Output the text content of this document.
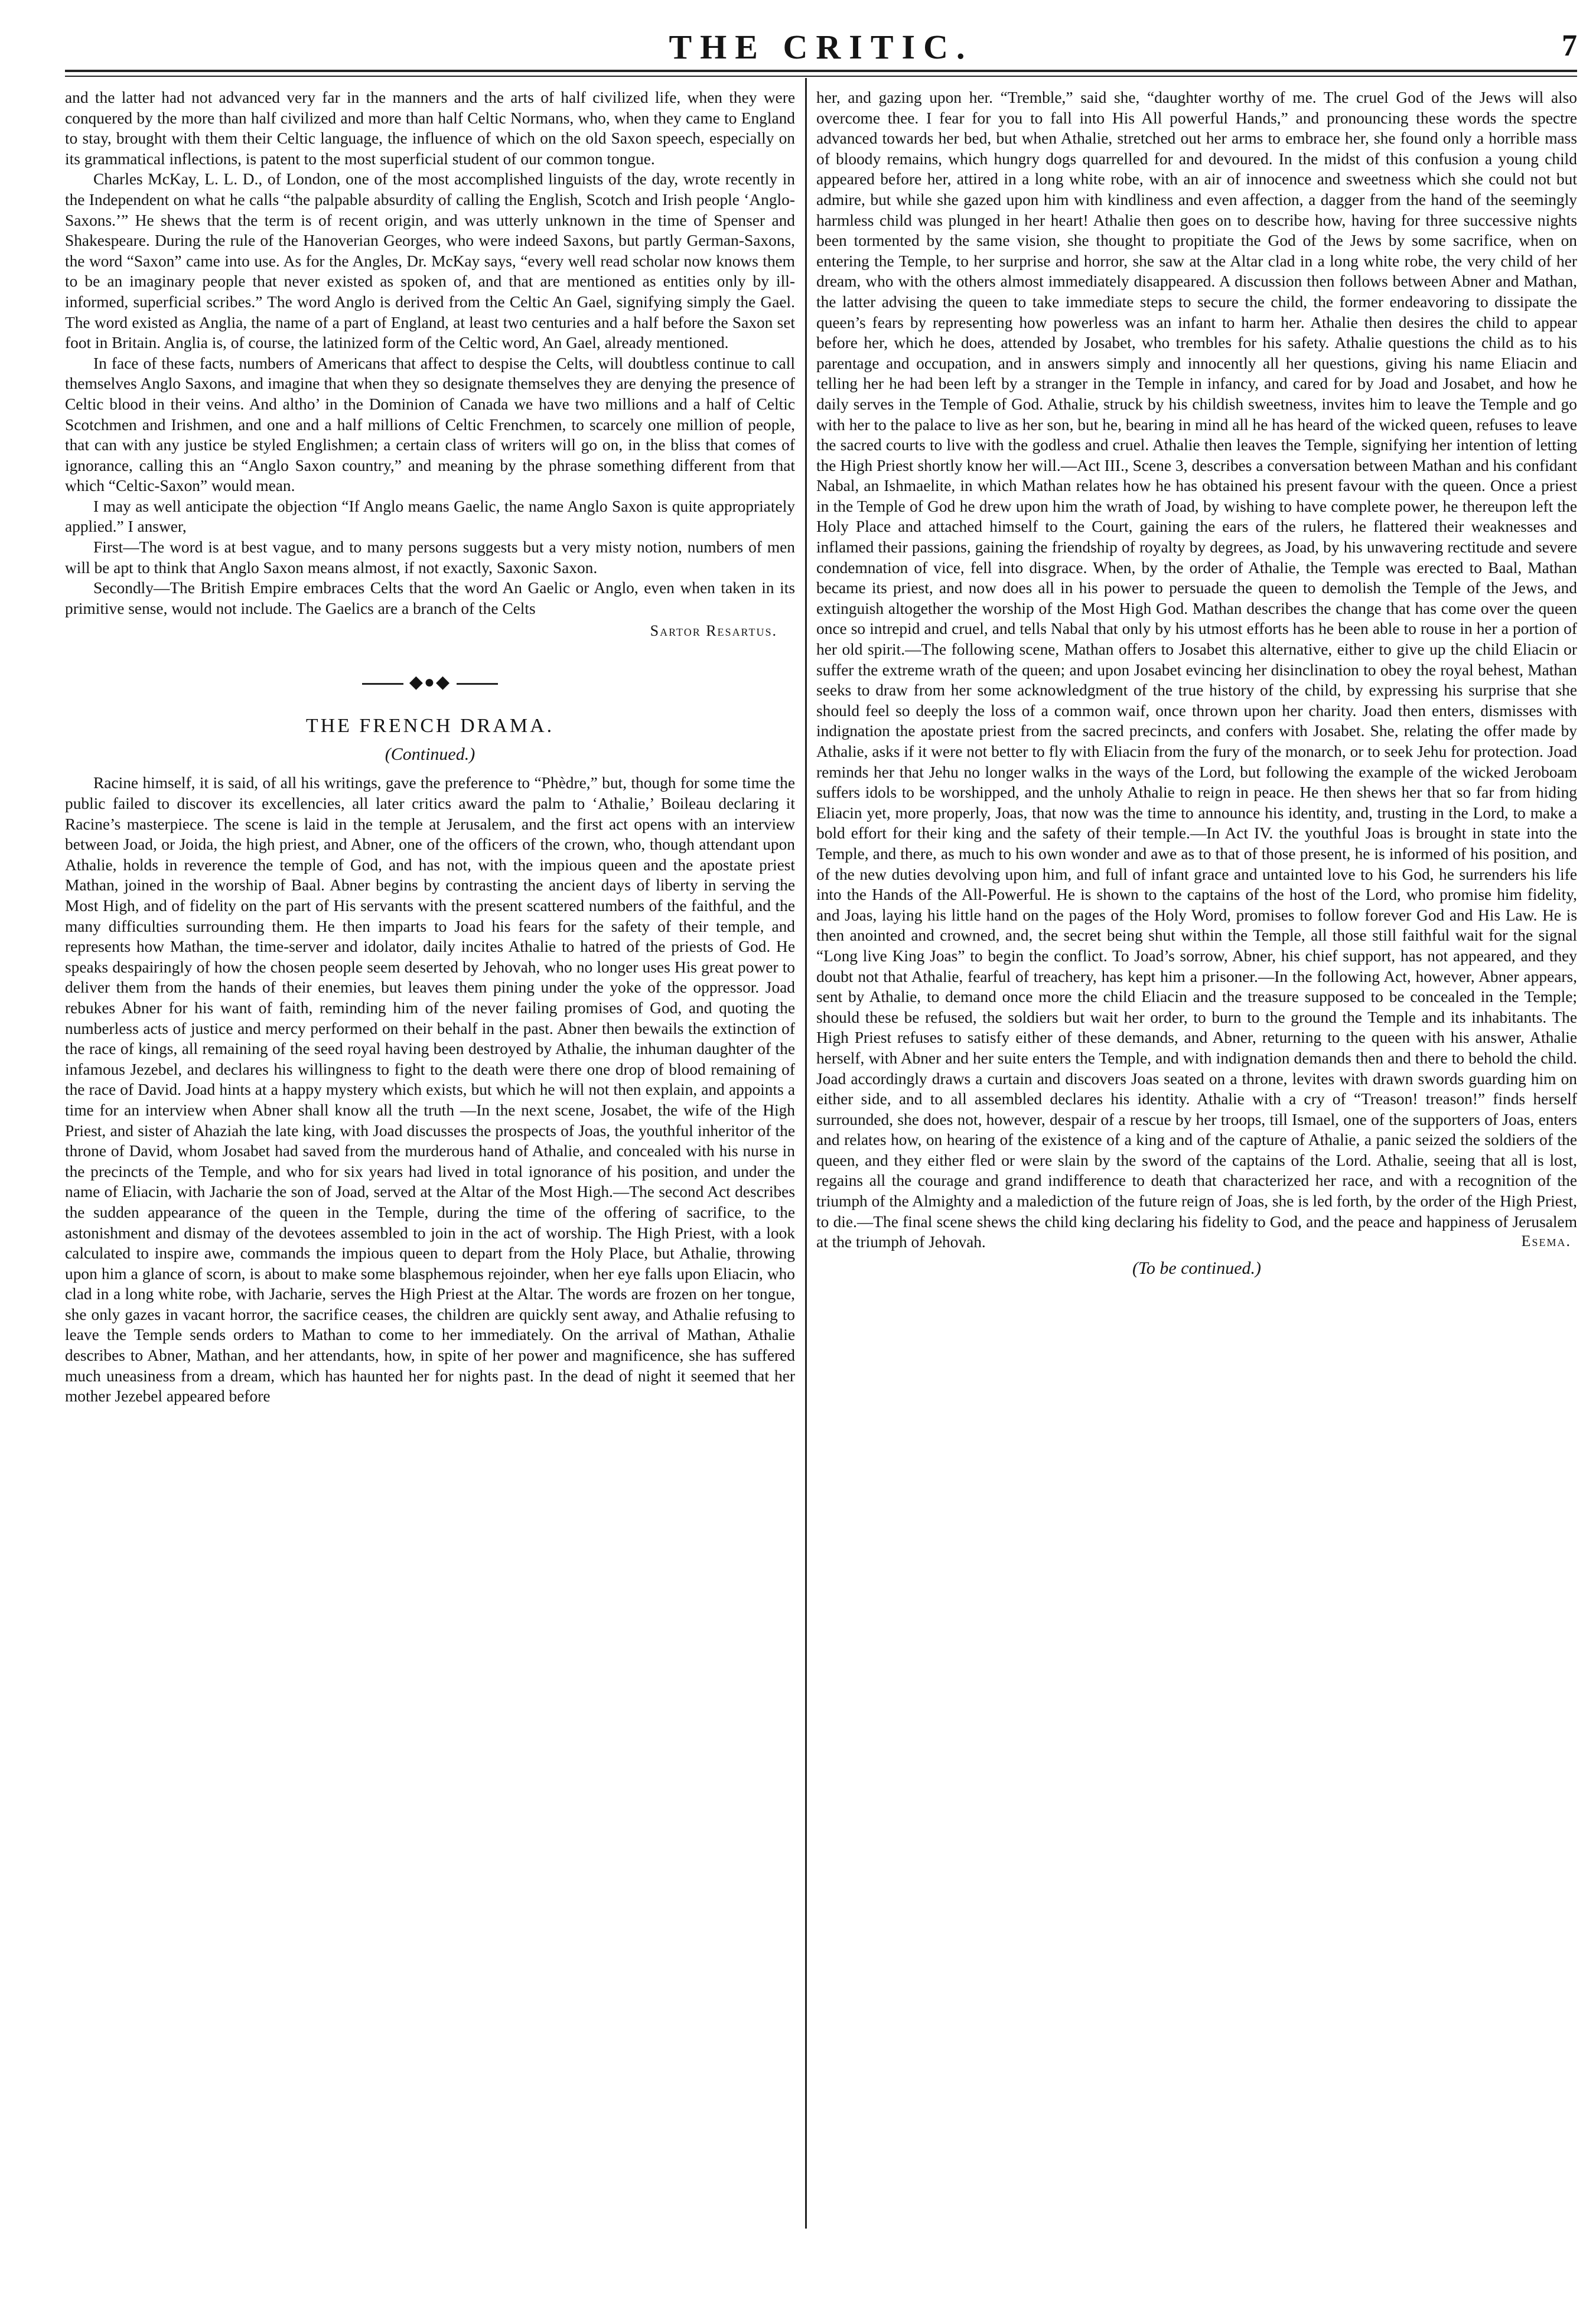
THE CRITIC.	7

and the latter had not advanced very far in the manners and the arts of half civilized life, when they were conquered by the more than half civilized and more than half Celtic Normans, who, when they came to England to stay, brought with them their Celtic language, the influence of which on the old Saxon speech, especially on its grammatical inflections, is patent to the most superficial student of our common tongue.

Charles McKay, L. L. D., of London, one of the most accomplished linguists of the day, wrote recently in the Independent on what he calls “the palpable absurdity of calling the English, Scotch and Irish people ‘Anglo-Saxons.’” He shews that the term is of recent origin, and was utterly unknown in the time of Spenser and Shakespeare. During the rule of the Hanoverian Georges, who were indeed Saxons, but partly German-Saxons, the word “Saxon” came into use. As for the Angles, Dr. McKay says, “every well read scholar now knows them to be an imaginary people that never existed as spoken of, and that are mentioned as entities only by ill-informed, superficial scribes.” The word Anglo is derived from the Celtic An Gael, signifying simply the Gael. The word existed as Anglia, the name of a part of England, at least two centuries and a half before the Saxon set foot in Britain. Anglia is, of course, the latinized form of the Celtic word, An Gael, already mentioned.

In face of these facts, numbers of Americans that affect to despise the Celts, will doubtless continue to call themselves Anglo Saxons, and imagine that when they so designate themselves they are denying the presence of Celtic blood in their veins. And altho’ in the Dominion of Canada we have two millions and a half of Celtic Scotchmen and Irishmen, and one and a half millions of Celtic Frenchmen, to scarcely one million of people, that can with any justice be styled Englishmen; a certain class of writers will go on, in the bliss that comes of ignorance, calling this an “Anglo Saxon country,” and meaning by the phrase something different from that which “Celtic-Saxon” would mean.

I may as well anticipate the objection “If Anglo means Gaelic, the name Anglo Saxon is quite appropriately applied.” I answer,

First—The word is at best vague, and to many persons suggests but a very misty notion, numbers of men will be apt to think that Anglo Saxon means almost, if not exactly, Saxonic Saxon.

Secondly—The British Empire embraces Celts that the word An Gaelic or Anglo, even when taken in its primitive sense, would not include. The Gaelics are a branch of the Celts

Sartor Resartus.
◆●◆
THE FRENCH DRAMA.
(Continued.)

Racine himself, it is said, of all his writings, gave the preference to “Phèdre,” but, though for some time the public failed to discover its excellencies, all later critics award the palm to ‘Athalie,’ Boileau declaring it Racine’s masterpiece. The scene is laid in the temple at Jerusalem, and the first act opens with an interview between Joad, or Joida, the high priest, and Abner, one of the officers of the crown, who, though attendant upon Athalie, holds in reverence the temple of God, and has not, with the impious queen and the apostate priest Mathan, joined in the worship of Baal. Abner begins by contrasting the ancient days of liberty in serving the Most High, and of fidelity on the part of His servants with the present scattered numbers of the faithful, and the many difficulties surrounding them. He then imparts to Joad his fears for the safety of their temple, and represents how Mathan, the time-server and idolator, daily incites Athalie to hatred of the priests of God. He speaks despairingly of how the chosen people seem deserted by Jehovah, who no longer uses His great power to deliver them from the hands of their enemies, but leaves them pining under the yoke of the oppressor. Joad rebukes Abner for his want of faith, reminding him of the never failing promises of God, and quoting the numberless acts of justice and mercy performed on their behalf in the past. Abner then bewails the extinction of the race of kings, all remaining of the seed royal having been destroyed by Athalie, the inhuman daughter of the infamous Jezebel, and declares his willingness to fight to the death were there one drop of blood remaining of the race of David. Joad hints at a happy mystery which exists, but which he will not then explain, and appoints a time for an interview when Abner shall know all the truth —In the next scene, Josabet, the wife of the High Priest, and sister of Ahaziah the late king, with Joad discusses the prospects of Joas, the youthful inheritor of the throne of David, whom Josabet had saved from the murderous hand of Athalie, and concealed with his nurse in the precincts of the Temple, and who for six years had lived in total ignorance of his position, and under the name of Eliacin, with Jacharie the son of Joad, served at the Altar of the Most High.—The second Act describes the sudden appearance of the queen in the Temple, during the time of the offering of sacrifice, to the astonishment and dismay of the devotees assembled to join in the act of worship. The High Priest, with a look calculated to inspire awe, commands the impious queen to depart from the Holy Place, but Athalie, throwing upon him a glance of scorn, is about to make some blasphemous rejoinder, when her eye falls upon Eliacin, who clad in a long white robe, with Jacharie, serves the High Priest at the Altar. The words are frozen on her tongue, she only gazes in vacant horror, the sacrifice ceases, the children are quickly sent away, and Athalie refusing to leave the Temple sends orders to Mathan to come to her immediately. On the arrival of Mathan, Athalie describes to Abner, Mathan, and her attendants, how, in spite of her power and magnificence, she has suffered much uneasiness from a dream, which has haunted her for nights past. In the dead of night it seemed that her mother Jezebel appeared before

her, and gazing upon her. “Tremble,” said she, “daughter worthy of me. The cruel God of the Jews will also overcome thee. I fear for you to fall into His All powerful Hands,” and pronouncing these words the spectre advanced towards her bed, but when Athalie, stretched out her arms to embrace her, she found only a horrible mass of bloody remains, which hungry dogs quarrelled for and devoured. In the midst of this confusion a young child appeared before her, attired in a long white robe, with an air of innocence and sweetness which she could not but admire, but while she gazed upon him with kindliness and even affection, a dagger from the hand of the seemingly harmless child was plunged in her heart! Athalie then goes on to describe how, having for three successive nights been tormented by the same vision, she thought to propitiate the God of the Jews by some sacrifice, when on entering the Temple, to her surprise and horror, she saw at the Altar clad in a long white robe, the very child of her dream, who with the others almost immediately disappeared. A discussion then follows between Abner and Mathan, the latter advising the queen to take immediate steps to secure the child, the former endeavoring to dissipate the queen’s fears by representing how powerless was an infant to harm her. Athalie then desires the child to appear before her, which he does, attended by Josabet, who trembles for his safety. Athalie questions the child as to his parentage and occupation, and in answers simply and innocently all her questions, giving his name Eliacin and telling her he had been left by a stranger in the Temple in infancy, and cared for by Joad and Josabet, and how he daily serves in the Temple of God. Athalie, struck by his childish sweetness, invites him to leave the Temple and go with her to the palace to live as her son, but he, bearing in mind all he has heard of the wicked queen, refuses to leave the sacred courts to live with the godless and cruel. Athalie then leaves the Temple, signifying her intention of letting the High Priest shortly know her will.—Act III., Scene 3, describes a conversation between Mathan and his confidant Nabal, an Ishmaelite, in which Mathan relates how he has obtained his present favour with the queen. Once a priest in the Temple of God he drew upon him the wrath of Joad, by wishing to have complete power, he thereupon left the Holy Place and attached himself to the Court, gaining the ears of the rulers, he flattered their weaknesses and inflamed their passions, gaining the friendship of royalty by degrees, as Joad, by his unwavering rectitude and severe condemnation of vice, fell into disgrace. When, by the order of Athalie, the Temple was erected to Baal, Mathan became its priest, and now does all in his power to persuade the queen to demolish the Temple of the Jews, and extinguish altogether the worship of the Most High God. Mathan describes the change that has come over the queen once so intrepid and cruel, and tells Nabal that only by his utmost efforts has he been able to rouse in her a portion of her old spirit.—The following scene, Mathan offers to Josabet this alternative, either to give up the child Eliacin or suffer the extreme wrath of the queen; and upon Josabet evincing her disinclination to obey the royal behest, Mathan seeks to draw from her some acknowledgment of the true history of the child, by expressing his surprise that she should feel so deeply the loss of a common waif, once thrown upon her charity. Joad then enters, dismisses with indignation the apostate priest from the sacred precincts, and confers with Josabet. She, relating the offer made by Athalie, asks if it were not better to fly with Eliacin from the fury of the monarch, or to seek Jehu for protection. Joad reminds her that Jehu no longer walks in the ways of the Lord, but following the example of the wicked Jeroboam suffers idols to be worshipped, and the unholy Athalie to reign in peace. He then shews her that so far from hiding Eliacin yet, more properly, Joas, that now was the time to announce his identity, and, trusting in the Lord, to make a bold effort for their king and the safety of their temple.—In Act IV. the youthful Joas is brought in state into the Temple, and there, as much to his own wonder and awe as to that of those present, he is informed of his position, and of the new duties devolving upon him, and full of infant grace and untainted love to his God, he surrenders his life into the Hands of the All-Powerful. He is shown to the captains of the host of the Lord, who promise him fidelity, and Joas, laying his little hand on the pages of the Holy Word, promises to follow forever God and His Law. He is then anointed and crowned, and, the secret being shut within the Temple, all those still faithful wait for the signal “Long live King Joas” to begin the conflict. To Joad’s sorrow, Abner, his chief support, has not appeared, and they doubt not that Athalie, fearful of treachery, has kept him a prisoner.—In the following Act, however, Abner appears, sent by Athalie, to demand once more the child Eliacin and the treasure supposed to be concealed in the Temple; should these be refused, the soldiers but wait her order, to burn to the ground the Temple and its inhabitants. The High Priest refuses to satisfy either of these demands, and Abner, returning to the queen with his answer, Athalie herself, with Abner and her suite enters the Temple, and with indignation demands then and there to behold the child. Joad accordingly draws a curtain and discovers Joas seated on a throne, levites with drawn swords guarding him on either side, and to all assembled declares his identity. Athalie with a cry of “Treason! treason!” finds herself surrounded, she does not, however, despair of a rescue by her troops, till Ismael, one of the supporters of Joas, enters and relates how, on hearing of the existence of a king and of the capture of Athalie, a panic seized the soldiers of the queen, and they either fled or were slain by the sword of the captains of the Lord. Athalie, seeing that all is lost, regains all the courage and grand indifference to death that characterized her race, and with a recognition of the triumph of the Almighty and a malediction of the future reign of Joas, she is led forth, by the order of the High Priest, to die.—The final scene shews the child king declaring his fidelity to God, and the peace and happiness of Jerusalem at the triumph of Jehovah.	Esema.
(To be continued.)
